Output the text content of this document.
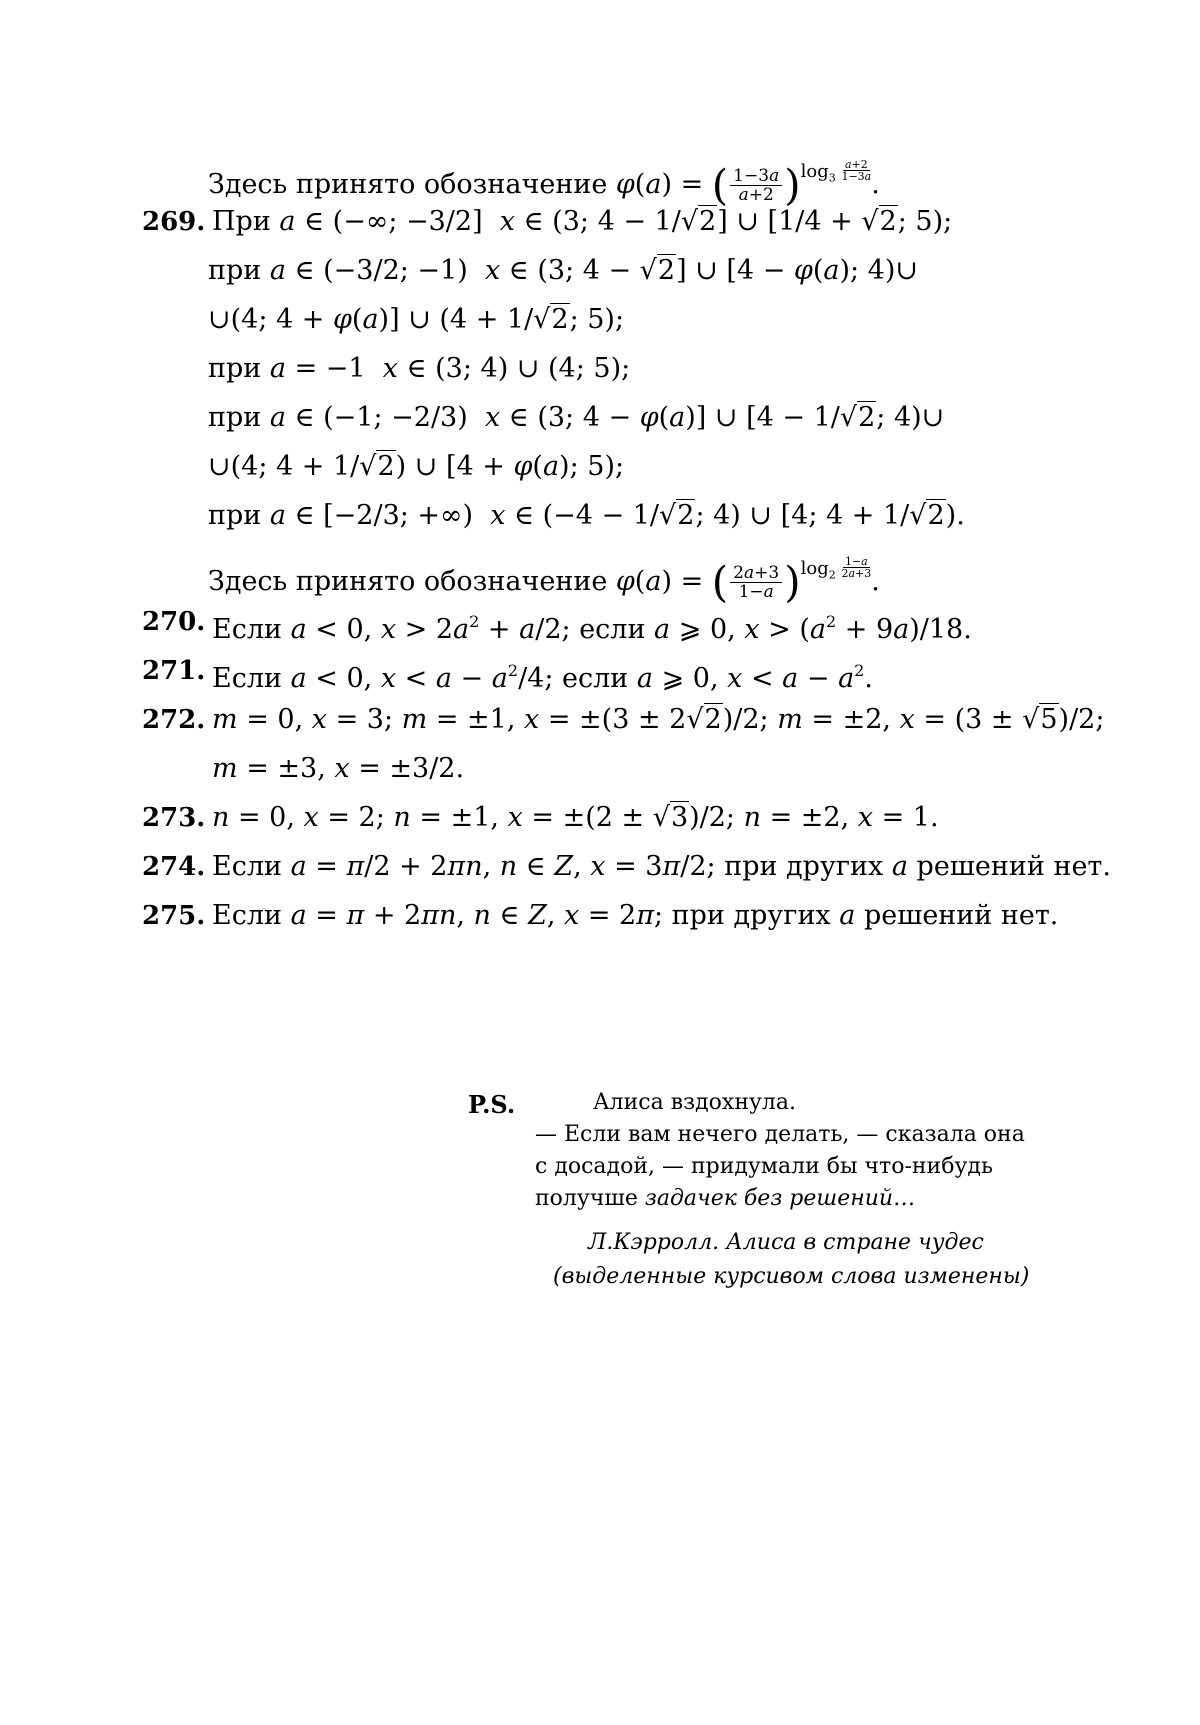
Здесь принято обозначение φ(a) = ( $\frac{1-3a}{a+2} )^{log_3 \frac{a+2}{1-3a}}$ .
269. При a ∈ (−∞; −3/2]  x ∈ (3; 4 − 1/√2] ∪ [1/4 + √2; 5);
при a ∈ (−3/2; −1)  x ∈ (3; 4 − √2] ∪ [4 − φ(a); 4)∪
∪(4; 4 + φ(a)] ∪ (4 + 1/√2; 5);
при a = −1  x ∈ (3; 4) ∪ (4; 5);
при a ∈ (−1; −2/3)  x ∈ (3; 4 − φ(a)] ∪ [4 − 1/√2; 4)∪
∪(4; 4 + 1/√2) ∪ [4 + φ(a); 5);
при a ∈ [−2/3; +∞)  x ∈ (−4 − 1/√2; 4) ∪ [4; 4 + 1/√2).
Здесь принято обозначение φ(a) = ( $\frac{2a+3}{1-a} )^{log_2 \frac{1-a}{2a+3}}$ .
270. Если a < 0, $x > 2a^2 + a/2$; если a ⩾ 0, $x > (a^2 + 9a)/18$.
271. Если a < 0, $x < a - a^2/4$; если a ⩾ 0, $x < a - a^2$.
272. m = 0, x = 3; m = ±1, x = ±(3 ± 2√2)/2; m = ±2, x = (3 ± √5)/2;
m = ±3, x = ±3/2.
273. n = 0, x = 2; n = ±1, x = ±(2 ± √3)/2; n = ±2, x = 1.
274. Если a = π/2 + 2πn, n ∈ Z, x = 3π/2; при других a решений нет.
275. Если a = π + 2πn, n ∈ Z, x = 2π; при других a решений нет.
P.S.	Алиса вздохнула.
— Если вам нечего делать, — сказала она
с досадой, — придумали бы что-нибудь
получше задачек без решений…
Л.Кэрролл. Алиса в стране чудес
(выделенные курсивом слова изменены)
